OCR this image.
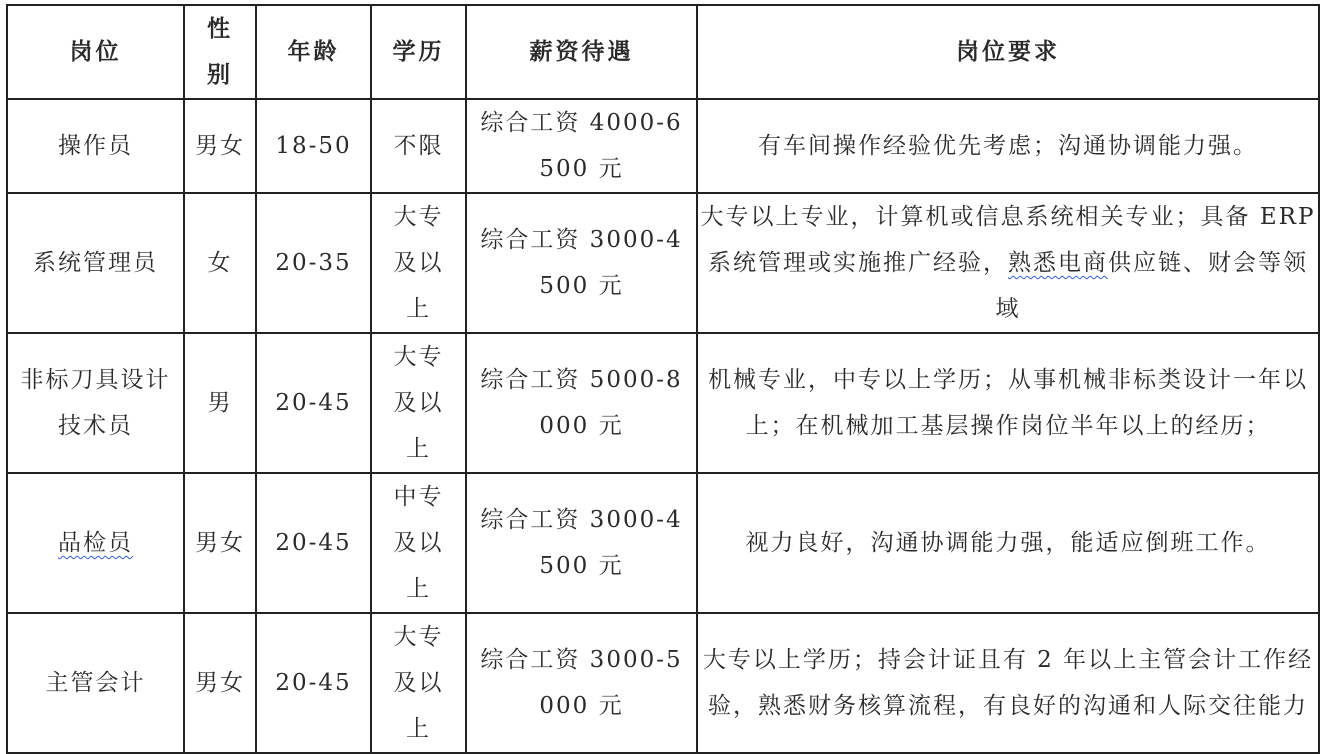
岗位	性别	年龄	学历	薪资待遇	岗位要求
操作员	男女	18-50	不限	综合工资 4000-6500 元	有车间操作经验优先考虑；沟通协调能力强。
系统管理员	女	20-35	大专及以上	综合工资 3000-4500 元	大专以上专业，计算机或信息系统相关专业；具备 ERP 系统管理或实施推广经验，熟悉电商供应链、财会等领域

非标刀具设计技术员	男	20-45	大专及以上	综合工资 5000-8000 元	机械专业，中专以上学历；从事机械非标类设计一年以上；在机械加工基层操作岗位半年以上的经历；
品检员	男女	20-45	中专及以上	综合工资 3000-4500 元	视力良好，沟通协调能力强，能适应倒班工作。
主管会计	男女	20-45	大专及以上	综合工资 3000-5000 元	大专以上学历；持会计证且有 2 年以上主管会计工作经验，熟悉财务核算流程，有良好的沟通和人际交往能力
